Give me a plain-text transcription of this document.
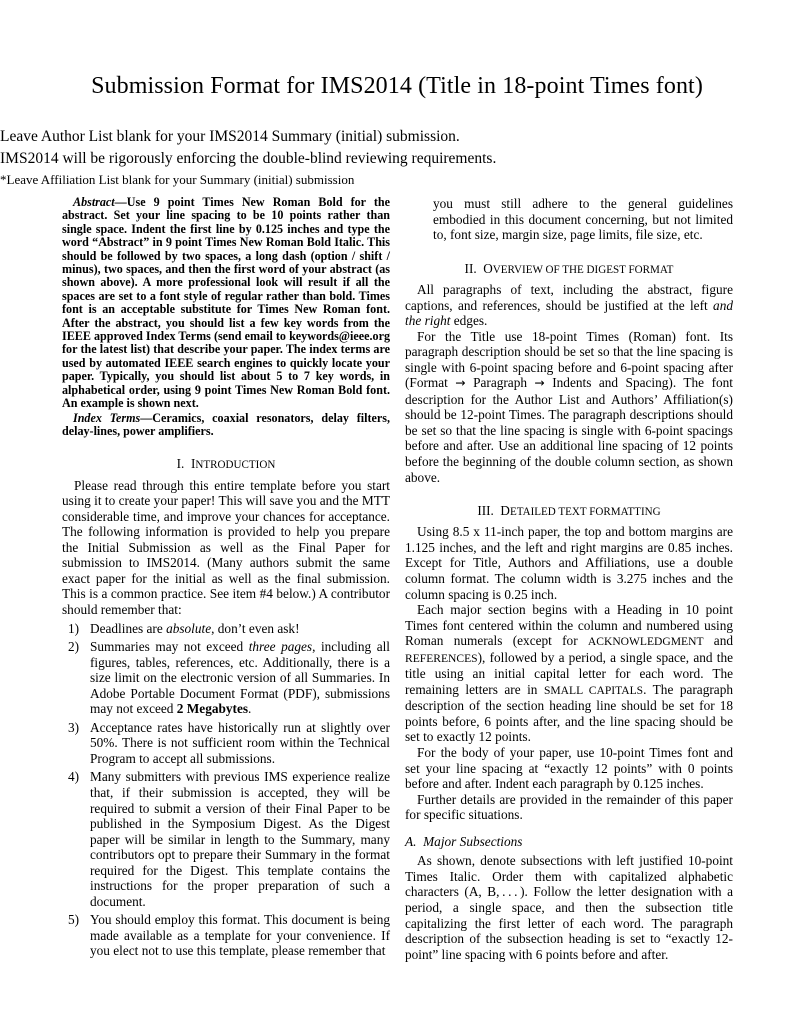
Submission Format for IMS2014 (Title in 18-point Times font)

Leave Author List blank for your IMS2014 Summary (initial) submission.

IMS2014 will be rigorously enforcing the double-blind reviewing requirements.

*Leave Affiliation List blank for your Summary (initial) submission

Abstract—Use 9 point Times New Roman Bold for the abstract. Set your line spacing to be 10 points rather than single space. Indent the first line by 0.125 inches and type the word “Abstract” in 9 point Times New Roman Bold Italic. This should be followed by two spaces, a long dash (option / shift / minus), two spaces, and then the first word of your abstract (as shown above). A more professional look will result if all the spaces are set to a font style of regular rather than bold. Times font is an acceptable substitute for Times New Roman font. After the abstract, you should list a few key words from the IEEE approved Index Terms (send email to keywords@ieee.org for the latest list) that describe your paper. The index terms are used by automated IEEE search engines to quickly locate your paper. Typically, you should list about 5 to 7 key words, in alphabetical order, using 9 point Times New Roman Bold font. An example is shown next.

Index Terms—Ceramics, coaxial resonators, delay filters, delay-lines, power amplifiers.

I. INTRODUCTION

Please read through this entire template before you start using it to create your paper! This will save you and the MTT considerable time, and improve your chances for acceptance. The following information is provided to help you prepare the Initial Submission as well as the Final Paper for submission to IMS2014. (Many authors submit the same exact paper for the initial as well as the final submission. This is a common practice. See item #4 below.) A contributor should remember that:

1) Deadlines are absolute, don’t even ask!
2) Summaries may not exceed three pages, including all figures, tables, references, etc. Additionally, there is a size limit on the electronic version of all Summaries. In Adobe Portable Document Format (PDF), submissions may not exceed 2 Megabytes.
3) Acceptance rates have historically run at slightly over 50%. There is not sufficient room within the Technical Program to accept all submissions.
4) Many submitters with previous IMS experience realize that, if their submission is accepted, they will be required to submit a version of their Final Paper to be published in the Symposium Digest. As the Digest paper will be similar in length to the Summary, many contributors opt to prepare their Summary in the format required for the Digest. This template contains the instructions for the proper preparation of such a document.
5) You should employ this format. This document is being made available as a template for your convenience. If you elect not to use this template, please remember that

you must still adhere to the general guidelines embodied in this document concerning, but not limited to, font size, margin size, page limits, file size, etc.

II. OVERVIEW OF THE DIGEST FORMAT

All paragraphs of text, including the abstract, figure captions, and references, should be justified at the left and the right edges.

For the Title use 18-point Times (Roman) font. Its paragraph description should be set so that the line spacing is single with 6-point spacing before and 6-point spacing after (Format → Paragraph → Indents and Spacing). The font description for the Author List and Authors’ Affiliation(s) should be 12-point Times. The paragraph descriptions should be set so that the line spacing is single with 6-point spacings before and after. Use an additional line spacing of 12 points before the beginning of the double column section, as shown above.

III. DETAILED TEXT FORMATTING

Using 8.5 x 11-inch paper, the top and bottom margins are 1.125 inches, and the left and right margins are 0.85 inches. Except for Title, Authors and Affiliations, use a double column format. The column width is 3.275 inches and the column spacing is 0.25 inch.

Each major section begins with a Heading in 10 point Times font centered within the column and numbered using Roman numerals (except for ACKNOWLEDGMENT and REFERENCES), followed by a period, a single space, and the title using an initial capital letter for each word. The remaining letters are in SMALL CAPITALS. The paragraph description of the section heading line should be set for 18 points before, 6 points after, and the line spacing should be set to exactly 12 points.

For the body of your paper, use 10-point Times font and set your line spacing at “exactly 12 points” with 0 points before and after. Indent each paragraph by 0.125 inches.

Further details are provided in the remainder of this paper for specific situations.

A. Major Subsections

As shown, denote subsections with left justified 10-point Times Italic. Order them with capitalized alphabetic characters (A, B, . . . ). Follow the letter designation with a period, a single space, and then the subsection title capitalizing the first letter of each word. The paragraph description of the subsection heading is set to “exactly 12-point” line spacing with 6 points before and after.
